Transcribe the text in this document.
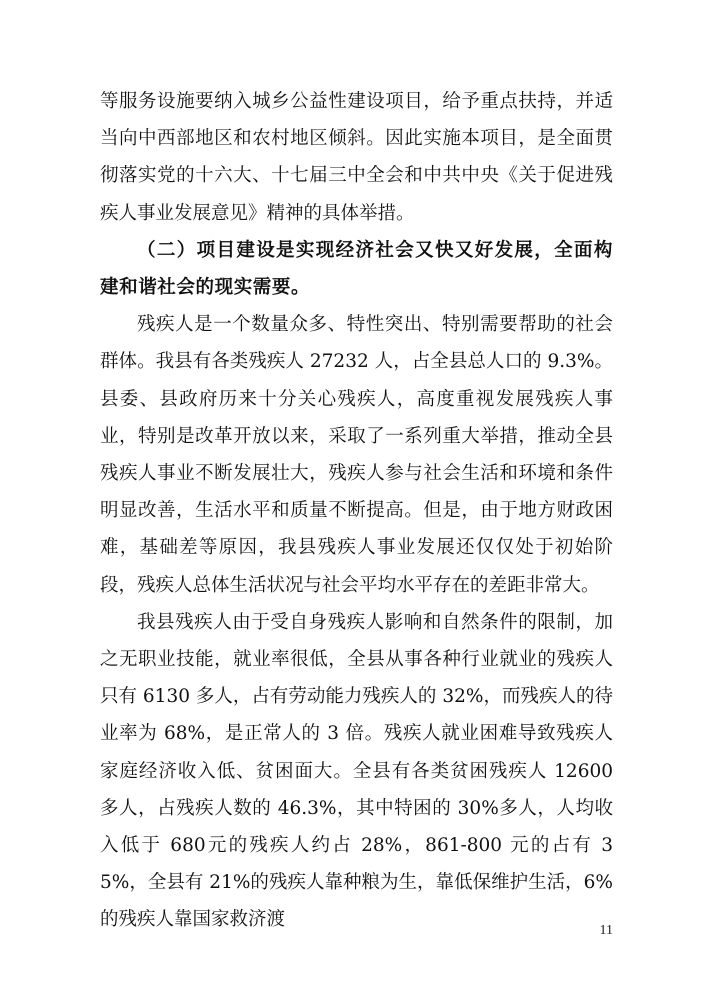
等服务设施要纳入城乡公益性建设项目，给予重点扶持，并适当向中西部地区和农村地区倾斜。因此实施本项目，是全面贯彻落实党的十六大、十七届三中全会和中共中央《关于促进残疾人事业发展意见》精神的具体举措。

（二）项目建设是实现经济社会又快又好发展，全面构建和谐社会的现实需要。

残疾人是一个数量众多、特性突出、特别需要帮助的社会群体。我县有各类残疾人 27232 人，占全县总人口的 9.3%。县委、县政府历来十分关心残疾人，高度重视发展残疾人事业，特别是改革开放以来，采取了一系列重大举措，推动全县残疾人事业不断发展壮大，残疾人参与社会生活和环境和条件明显改善，生活水平和质量不断提高。但是，由于地方财政困难，基础差等原因，我县残疾人事业发展还仅仅处于初始阶段，残疾人总体生活状况与社会平均水平存在的差距非常大。

我县残疾人由于受自身残疾人影响和自然条件的限制，加之无职业技能，就业率很低，全县从事各种行业就业的残疾人只有 6130 多人，占有劳动能力残疾人的 32%，而残疾人的待业率为 68%，是正常人的 3 倍。残疾人就业困难导致残疾人家庭经济收入低、贫困面大。全县有各类贫困残疾人 12600 多人，占残疾人数的 46.3%，其中特困的 30%多人，人均收入低于 680元的残疾人约占 28%，861-800 元的占有 35%，全县有 21%的残疾人靠种粮为生，靠低保维护生活，6%的残疾人靠国家救济渡

11
